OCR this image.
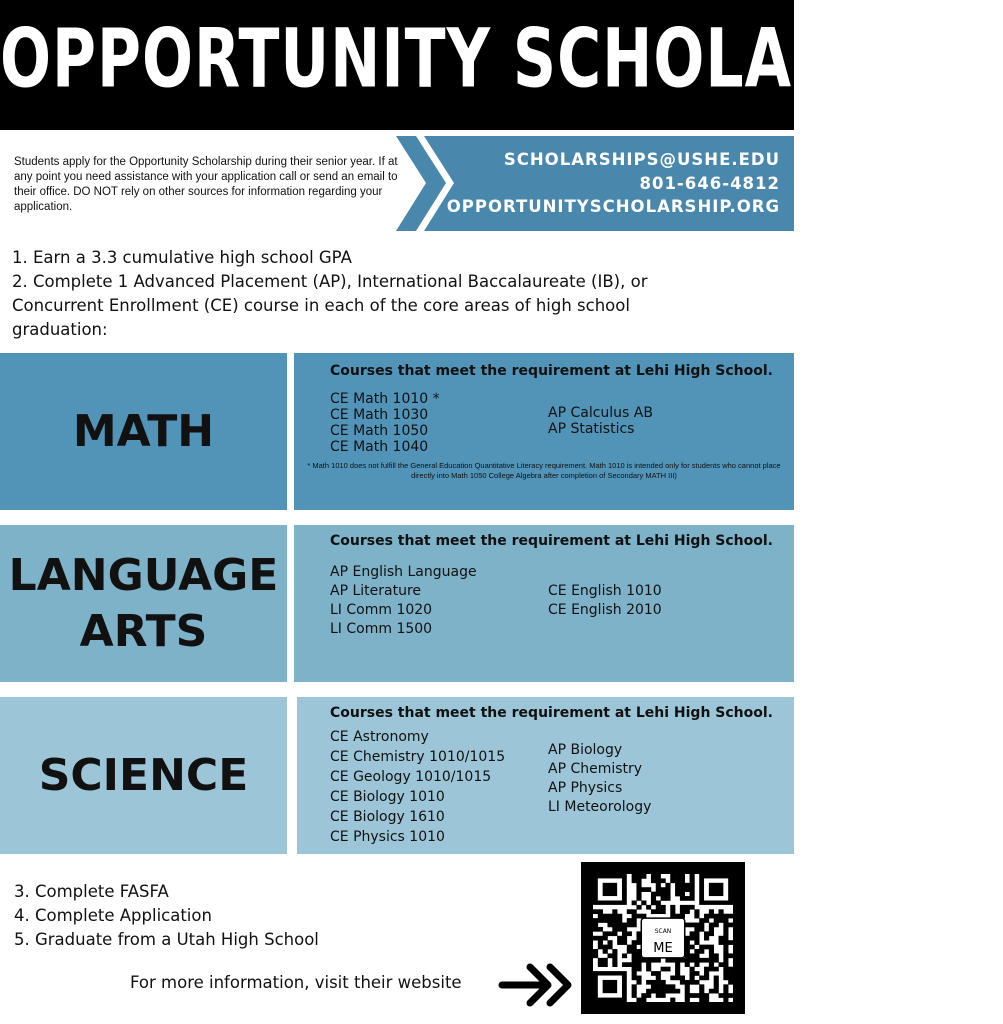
OPPORTUNITY SCHOLARSHIP
Students apply for the Opportunity Scholarship during their senior year. If at any point you need assistance with your application call or send an email to their office. DO NOT rely on other sources for information regarding your application.
SCHOLARSHIPS@USHE.EDU
801-646-4812
OPPORTUNITYSCHOLARSHIP.ORG
1. Earn a 3.3 cumulative high school GPA
2. Complete 1 Advanced Placement (AP), International Baccalaureate (IB), or Concurrent Enrollment (CE) course in each of the core areas of high school graduation:
MATH
Courses that meet the requirement at Lehi High School.
CE Math 1010 *
CE Math 1030
CE Math 1050
CE Math 1040
AP Calculus AB
AP Statistics
* Math 1010 does not fulfill the General Education Quantitative Literacy requirement. Math 1010 is intended only for students who cannot place directly into Math 1050 College Algebra after completion of Secondary MATH III)
LANGUAGE
ARTS
Courses that meet the requirement at Lehi High School.
AP English Language
AP Literature
LI Comm 1020
LI Comm 1500
CE English 1010
CE English 2010
SCIENCE
Courses that meet the requirement at Lehi High School.
CE Astronomy
CE Chemistry 1010/1015
CE Geology 1010/1015
CE Biology 1010
CE Biology 1610
CE Physics 1010
AP Biology
AP Chemistry
AP Physics
LI Meteorology
3. Complete FASFA
4. Complete Application
5. Graduate from a Utah High School
For more information, visit their website
SCAN
ME
